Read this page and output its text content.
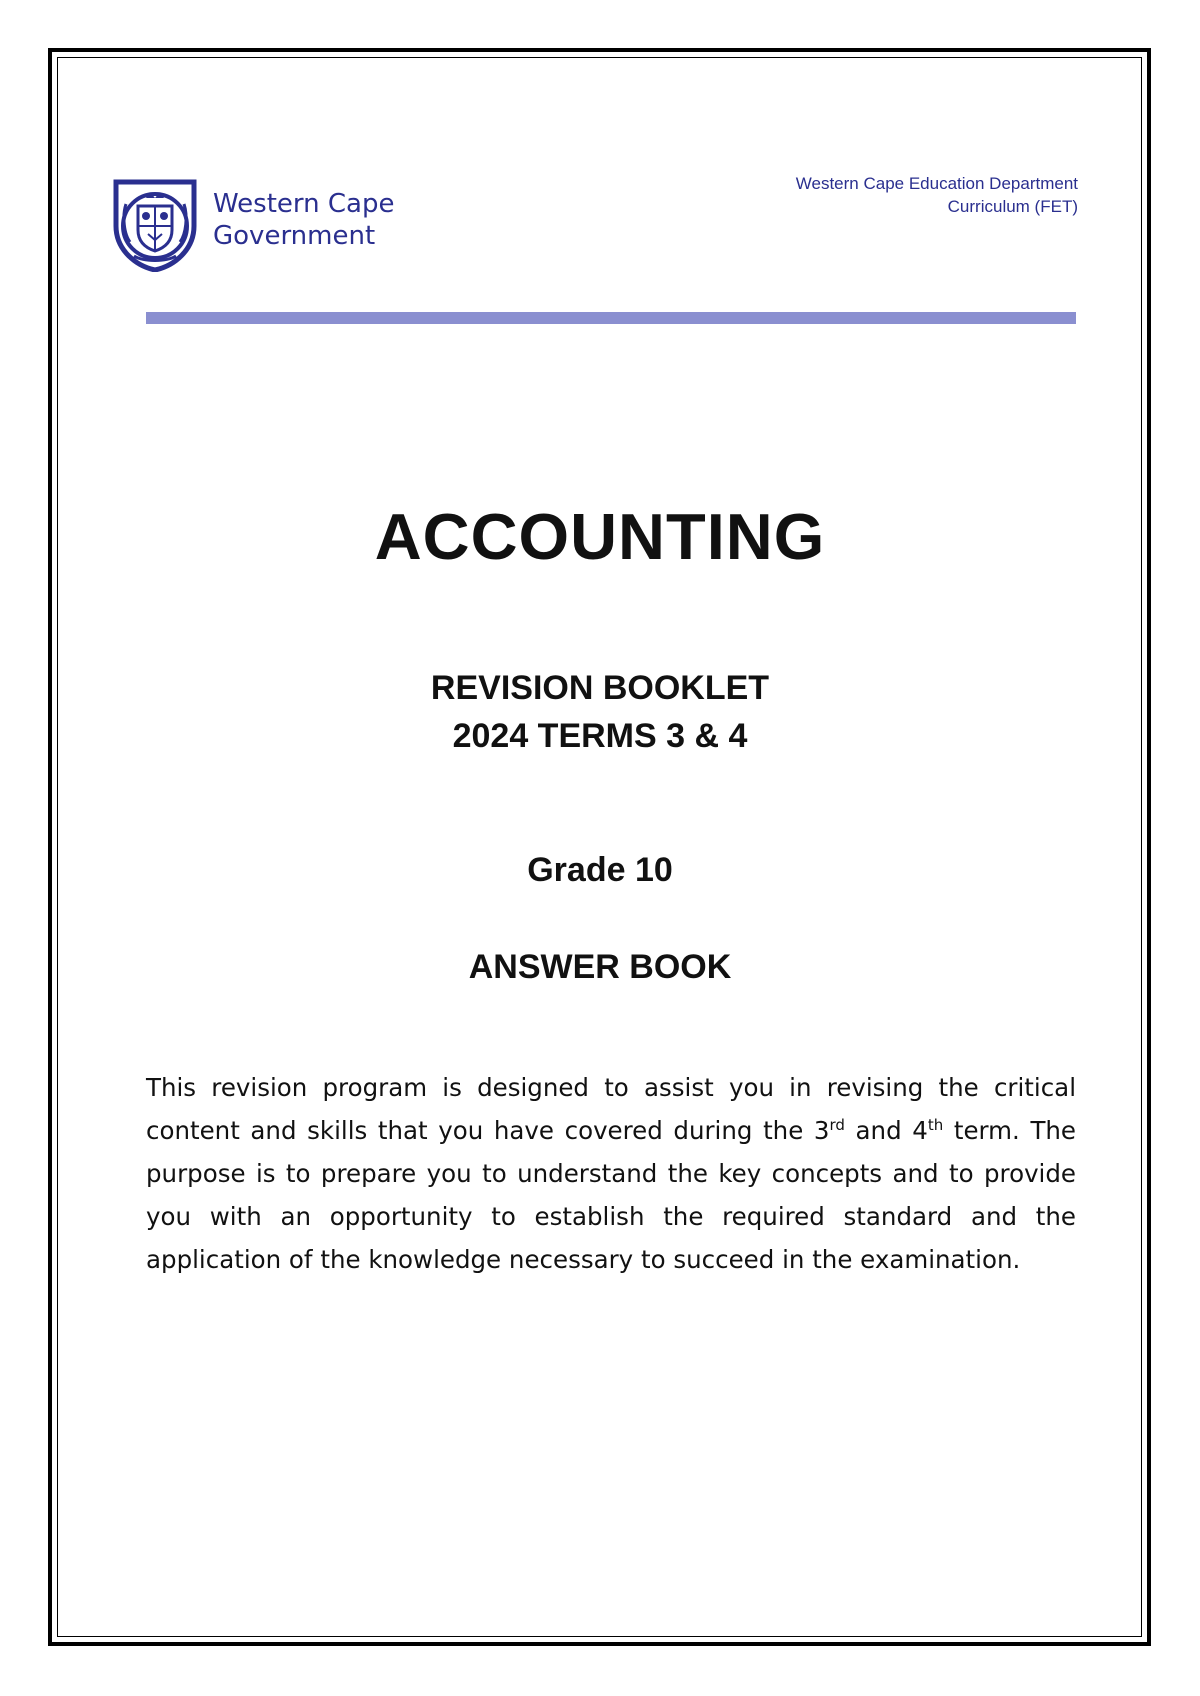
Western Cape
Government
Western Cape Education Department
Curriculum (FET)
ACCOUNTING
REVISION BOOKLET
2024 TERMS 3 & 4
Grade 10
ANSWER BOOK
This revision program is designed to assist you in revising the critical content and skills that you have covered during the 3rd and 4th term. The purpose is to prepare you to understand the key concepts and to provide you with an opportunity to establish the required standard and the application of the knowledge necessary to succeed in the examination.
